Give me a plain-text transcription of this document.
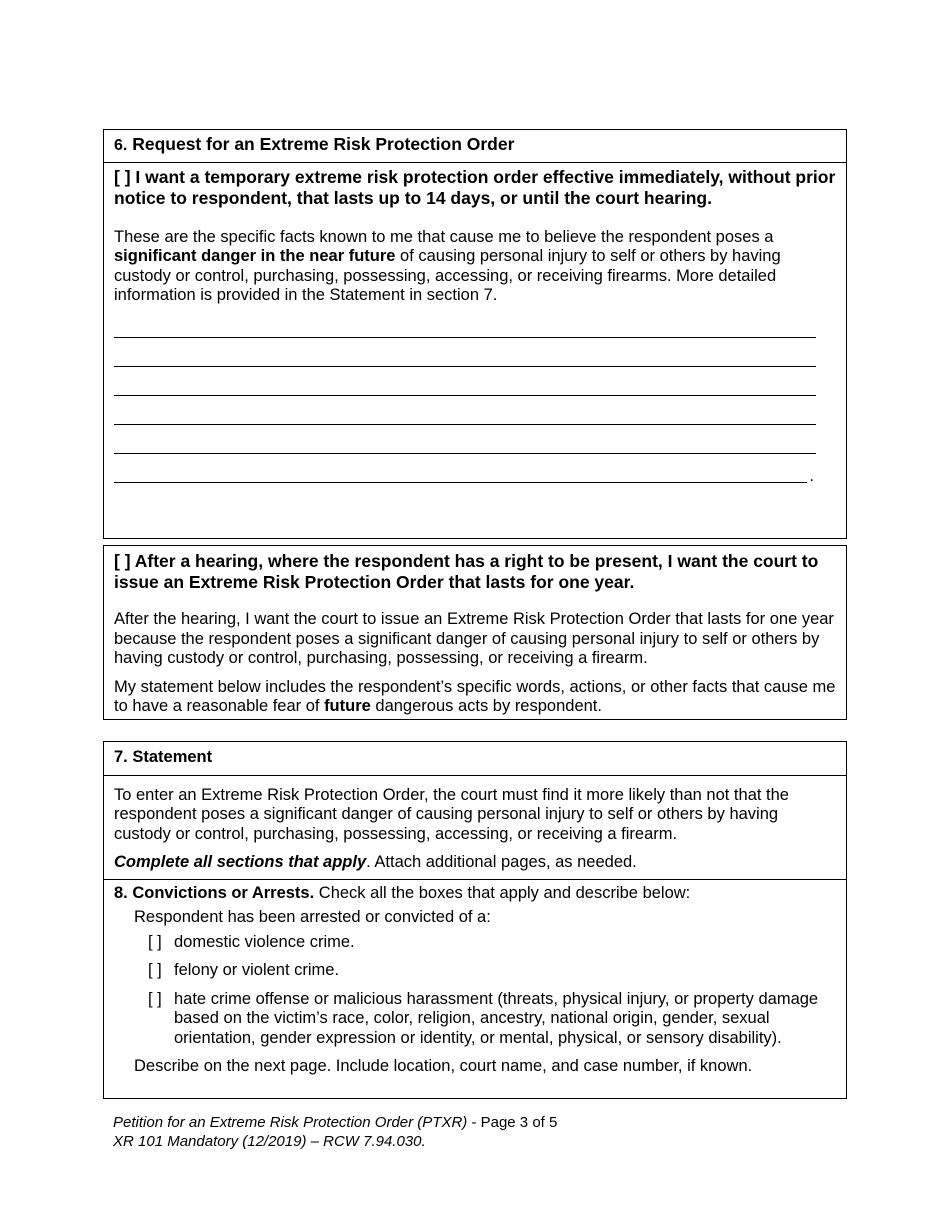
6. Request for an Extreme Risk Protection Order

[ ] I want a temporary extreme risk protection order effective immediately, without prior notice to respondent, that lasts up to 14 days, or until the court hearing.

These are the specific facts known to me that cause me to believe the respondent poses a significant danger in the near future of causing personal injury to self or others by having custody or control, purchasing, possessing, accessing, or receiving firearms. More detailed information is provided in the Statement in section 7.

.

[ ] After a hearing, where the respondent has a right to be present, I want the court to issue an Extreme Risk Protection Order that lasts for one year.

After the hearing, I want the court to issue an Extreme Risk Protection Order that lasts for one year because the respondent poses a significant danger of causing personal injury to self or others by having custody or control, purchasing, possessing, or receiving a firearm.

My statement below includes the respondent’s specific words, actions, or other facts that cause me to have a reasonable fear of future dangerous acts by respondent.

7. Statement

To enter an Extreme Risk Protection Order, the court must find it more likely than not that the respondent poses a significant danger of causing personal injury to self or others by having custody or control, purchasing, possessing, accessing, or receiving a firearm.

Complete all sections that apply. Attach additional pages, as needed.

8. Convictions or Arrests. Check all the boxes that apply and describe below:

Respondent has been arrested or convicted of a:

[ ] domestic violence crime.
[ ] felony or violent crime.
[ ] hate crime offense or malicious harassment (threats, physical injury, or property damage based on the victim’s race, color, religion, ancestry, national origin, gender, sexual orientation, gender expression or identity, or mental, physical, or sensory disability).

Describe on the next page. Include location, court name, and case number, if known.

Petition for an Extreme Risk Protection Order (PTXR) - Page 3 of 5
XR 101 Mandatory (12/2019) – RCW 7.94.030.
